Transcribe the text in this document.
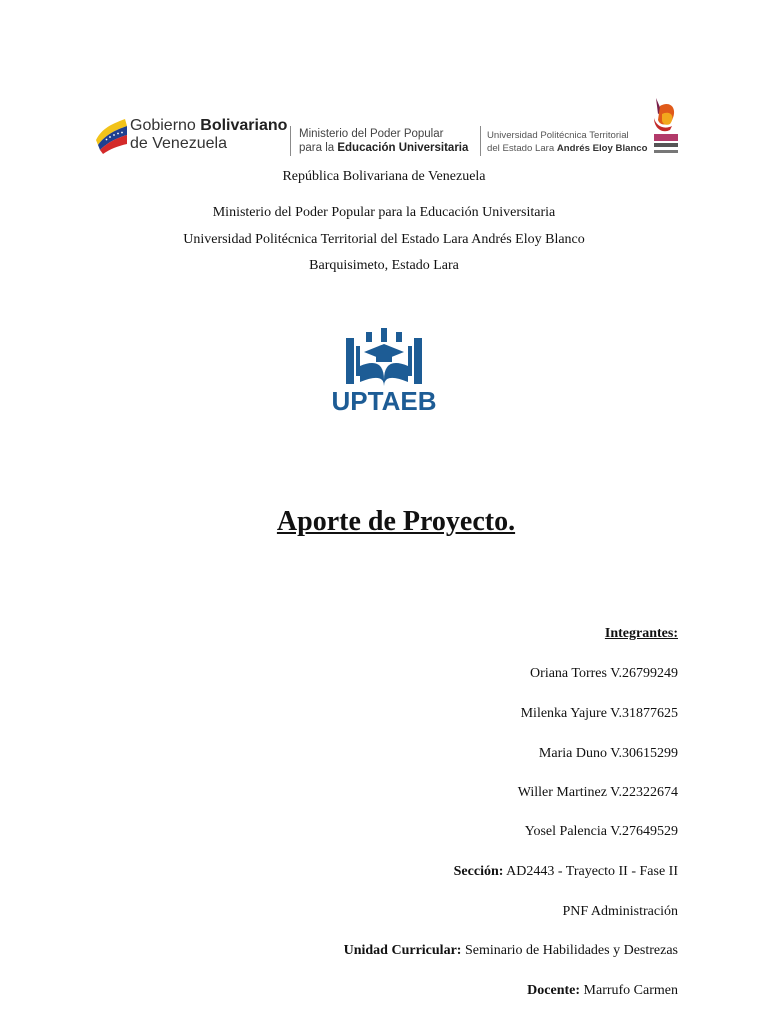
Gobierno Bolivariano
de Venezuela
Ministerio del Poder Popular
para la Educación Universitaria
Universidad Politécnica Territorial
del Estado Lara Andrés Eloy Blanco
República Bolivariana de Venezuela
Ministerio del Poder Popular para la Educación Universitaria
Universidad Politécnica Territorial del Estado Lara Andrés Eloy Blanco
Barquisimeto, Estado Lara
UPTAEB
Aporte de Proyecto.
Integrantes:
Oriana Torres V.26799249
Milenka Yajure V.31877625
Maria Duno V.30615299
Willer Martinez V.22322674
Yosel Palencia V.27649529
Sección: AD2443 - Trayecto II - Fase II
PNF Administración
Unidad Curricular: Seminario de Habilidades y Destrezas
Docente: Marrufo Carmen
